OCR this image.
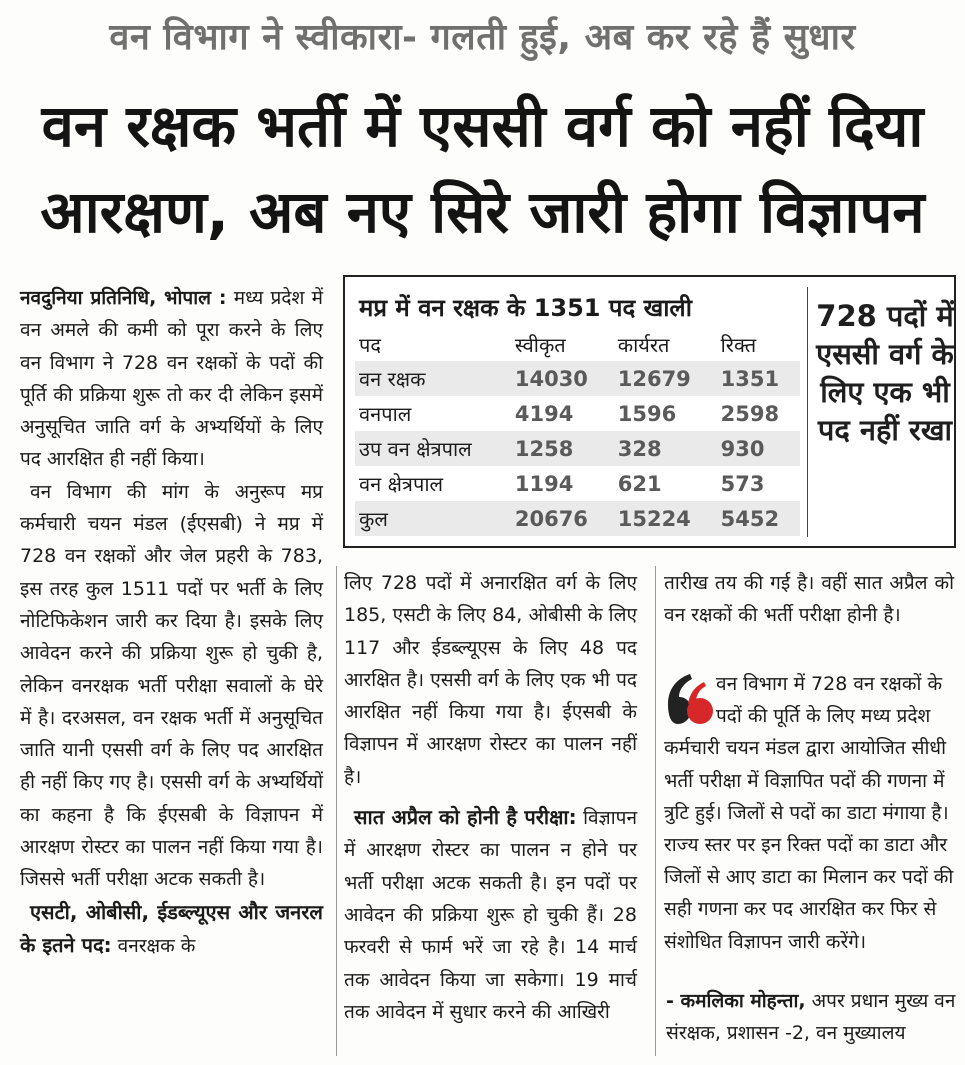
वन विभाग ने स्वीकारा- गलती हुई, अब कर रहे हैं सुधार
वन रक्षक भर्ती में एससी वर्ग को नहीं दिया
आरक्षण, अब नए सिरे जारी होगा विज्ञापन

नवदुनिया प्रतिनिधि, भोपाल : मध्य प्रदेश में वन अमले की कमी को पूरा करने के लिए वन विभाग ने 728 वन रक्षकों के पदों की पूर्ति की प्रक्रिया शुरू तो कर दी लेकिन इसमें अनुसूचित जाति वर्ग के अभ्यर्थियों के लिए पद आरक्षित ही नहीं किया।

वन विभाग की मांग के अनुरूप मप्र कर्मचारी चयन मंडल (ईएसबी) ने मप्र में 728 वन रक्षकों और जेल प्रहरी के 783, इस तरह कुल 1511 पदों पर भर्ती के लिए नोटिफिकेशन जारी कर दिया है। इसके लिए आवेदन करने की प्रक्रिया शुरू हो चुकी है, लेकिन वनरक्षक भर्ती परीक्षा सवालों के घेरे में है। दरअसल, वन रक्षक भर्ती में अनुसूचित जाति यानी एससी वर्ग के लिए पद आरक्षित ही नहीं किए गए है। एससी वर्ग के अभ्यर्थियों का कहना है कि ईएसबी के विज्ञापन में आरक्षण रोस्टर का पालन नहीं किया गया है। जिससे भर्ती परीक्षा अटक सकती है।

एसटी, ओबीसी, ईडब्ल्यूएस और जनरल के इतने पद: वनरक्षक के

मप्र में वन रक्षक के 1351 पद खाली
पद	स्वीकृत	कार्यरत	रिक्त
वन रक्षक	14030	12679	1351
वनपाल	4194	1596	2598
उप वन क्षेत्रपाल	1258	328	930
वन क्षेत्रपाल	1194	621	573
कुल	20676	15224	5452
728 पदों में एससी वर्ग के लिए एक भी पद नहीं रखा

लिए 728 पदों में अनारक्षित वर्ग के लिए 185, एसटी के लिए 84, ओबीसी के लिए 117 और ईडब्ल्यूएस के लिए 48 पद आरक्षित है। एससी वर्ग के लिए एक भी पद आरक्षित नहीं किया गया है। ईएसबी के विज्ञापन में आरक्षण रोस्टर का पालन नहीं है।

सात अप्रैल को होनी है परीक्षा: विज्ञापन में आरक्षण रोस्टर का पालन न होने पर भर्ती परीक्षा अटक सकती है। इन पदों पर आवेदन की प्रक्रिया शुरू हो चुकी हैं। 28 फरवरी से फार्म भरें जा रहे है। 14 मार्च तक आवेदन किया जा सकेगा। 19 मार्च तक आवेदन में सुधार करने की आखिरी

तारीख तय की गई है। वहीं सात अप्रैल को वन रक्षकों की भर्ती परीक्षा होनी है।

वन विभाग में 728 वन रक्षकों के
पदों की पूर्ति के लिए मध्य प्रदेश
कर्मचारी चयन मंडल द्वारा आयोजित सीधी भर्ती परीक्षा में विज्ञापित पदों की गणना में त्रुटि हुई। जिलों से पदों का डाटा मंगाया है। राज्य स्तर पर इन रिक्त पदों का डाटा और जिलों से आए डाटा का मिलान कर पदों की सही गणना कर पद आरक्षित कर फिर से संशोधित विज्ञापन जारी करेंगे।
- कमलिका मोहन्ता, अपर प्रधान मुख्य वन संरक्षक, प्रशासन -2, वन मुख्यालय
